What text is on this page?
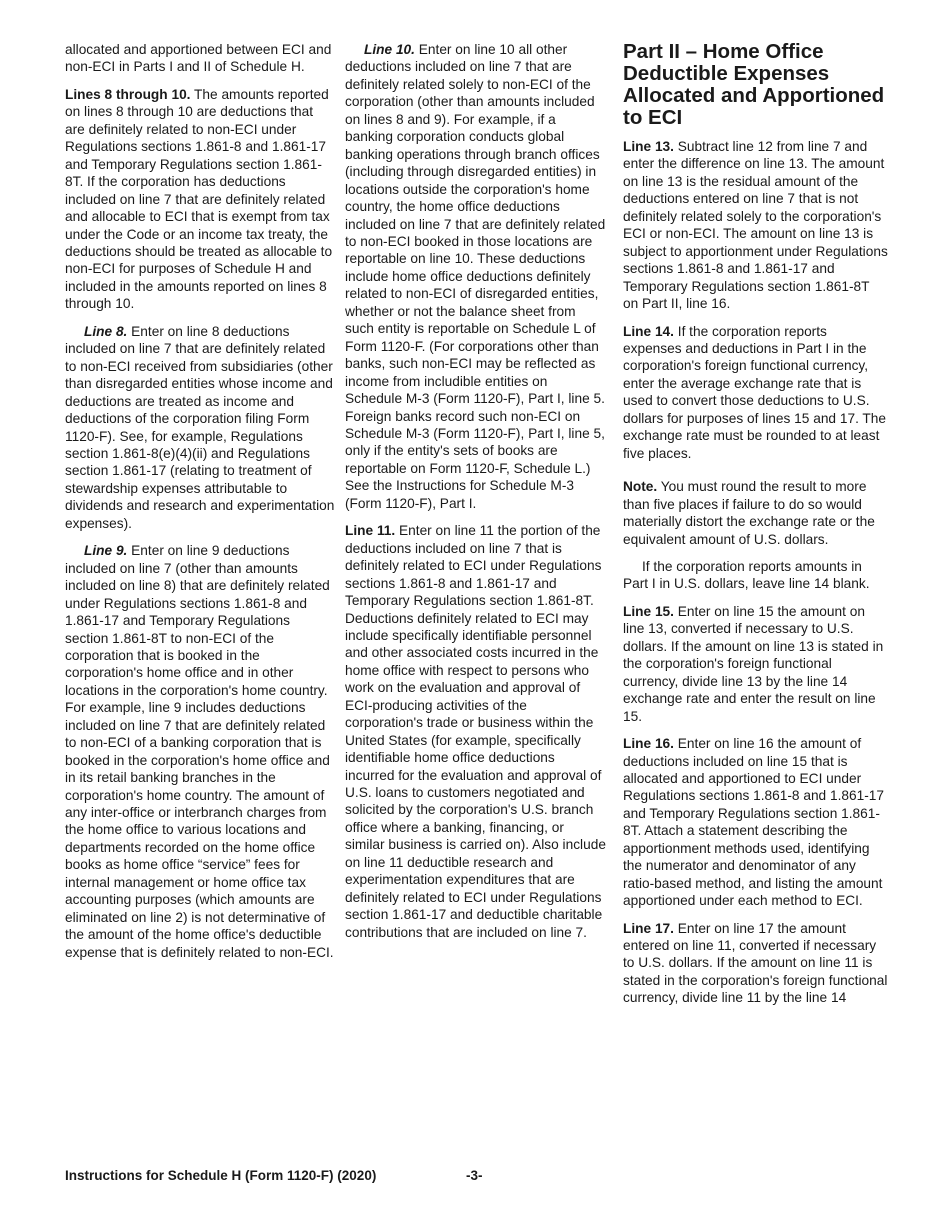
allocated and apportioned between ECI and non-ECI in Parts I and II of Schedule H.

Lines 8 through 10. The amounts reported on lines 8 through 10 are deductions that are definitely related to non-ECI under Regulations sections 1.861-8 and 1.861-17 and Temporary Regulations section 1.861-8T. If the corporation has deductions included on line 7 that are definitely related and allocable to ECI that is exempt from tax under the Code or an income tax treaty, the deductions should be treated as allocable to non-ECI for purposes of Schedule H and included in the amounts reported on lines 8 through 10.

Line 8. Enter on line 8 deductions included on line 7 that are definitely related to non-ECI received from subsidiaries (other than disregarded entities whose income and deductions are treated as income and deductions of the corporation filing Form 1120-F). See, for example, Regulations section 1.861-8(e)(4)(ii) and Regulations section 1.861-17 (relating to treatment of stewardship expenses attributable to dividends and research and experimentation expenses).

Line 9. Enter on line 9 deductions included on line 7 (other than amounts included on line 8) that are definitely related under Regulations sections 1.861-8 and 1.861-17 and Temporary Regulations section 1.861-8T to non-ECI of the corporation that is booked in the corporation's home office and in other locations in the corporation's home country. For example, line 9 includes deductions included on line 7 that are definitely related to non-ECI of a banking corporation that is booked in the corporation's home office and in its retail banking branches in the corporation's home country. The amount of any inter-office or interbranch charges from the home office to various locations and departments recorded on the home office books as home office “service” fees for internal management or home office tax accounting purposes (which amounts are eliminated on line 2) is not determinative of the amount of the home office's deductible expense that is definitely related to non-ECI.

Line 10. Enter on line 10 all other deductions included on line 7 that are definitely related solely to non-ECI of the corporation (other than amounts included on lines 8 and 9). For example, if a banking corporation conducts global banking operations through branch offices (including through disregarded entities) in locations outside the corporation's home country, the home office deductions included on line 7 that are definitely related to non-ECI booked in those locations are reportable on line 10. These deductions include home office deductions definitely related to non-ECI of disregarded entities, whether or not the balance sheet from such entity is reportable on Schedule L of Form 1120-F. (For corporations other than banks, such non-ECI may be reflected as income from includible entities on Schedule M-3 (Form 1120-F), Part I, line 5. Foreign banks record such non-ECI on Schedule M-3 (Form 1120-F), Part I, line 5, only if the entity's sets of books are reportable on Form 1120-F, Schedule L.) See the Instructions for Schedule M-3 (Form 1120-F), Part I.

Line 11. Enter on line 11 the portion of the deductions included on line 7 that is definitely related to ECI under Regulations sections 1.861-8 and 1.861-17 and Temporary Regulations section 1.861-8T. Deductions definitely related to ECI may include specifically identifiable personnel and other associated costs incurred in the home office with respect to persons who work on the evaluation and approval of ECI-producing activities of the corporation's trade or business within the United States (for example, specifically identifiable home office deductions incurred for the evaluation and approval of U.S. loans to customers negotiated and solicited by the corporation's U.S. branch office where a banking, financing, or similar business is carried on). Also include on line 11 deductible research and experimentation expenditures that are definitely related to ECI under Regulations section 1.861-17 and deductible charitable contributions that are included on line 7.

Part II – Home Office Deductible Expenses Allocated and Apportioned to ECI

Line 13. Subtract line 12 from line 7 and enter the difference on line 13. The amount on line 13 is the residual amount of the deductions entered on line 7 that is not definitely related solely to the corporation's ECI or non-ECI. The amount on line 13 is subject to apportionment under Regulations sections 1.861-8 and 1.861-17 and Temporary Regulations section 1.861-8T on Part II, line 16.

Line 14. If the corporation reports expenses and deductions in Part I in the corporation's foreign functional currency, enter the average exchange rate that is used to convert those deductions to U.S. dollars for purposes of lines 15 and 17. The exchange rate must be rounded to at least five places.

Note. You must round the result to more than five places if failure to do so would materially distort the exchange rate or the equivalent amount of U.S. dollars.

If the corporation reports amounts in Part I in U.S. dollars, leave line 14 blank.

Line 15. Enter on line 15 the amount on line 13, converted if necessary to U.S. dollars. If the amount on line 13 is stated in the corporation's foreign functional currency, divide line 13 by the line 14 exchange rate and enter the result on line 15.

Line 16. Enter on line 16 the amount of deductions included on line 15 that is allocated and apportioned to ECI under Regulations sections 1.861-8 and 1.861-17 and Temporary Regulations section 1.861-8T. Attach a statement describing the apportionment methods used, identifying the numerator and denominator of any ratio-based method, and listing the amount apportioned under each method to ECI.

Line 17. Enter on line 17 the amount entered on line 11, converted if necessary to U.S. dollars. If the amount on line 11 is stated in the corporation's foreign functional currency, divide line 11 by the line 14

Instructions for Schedule H (Form 1120-F) (2020)	-3-
